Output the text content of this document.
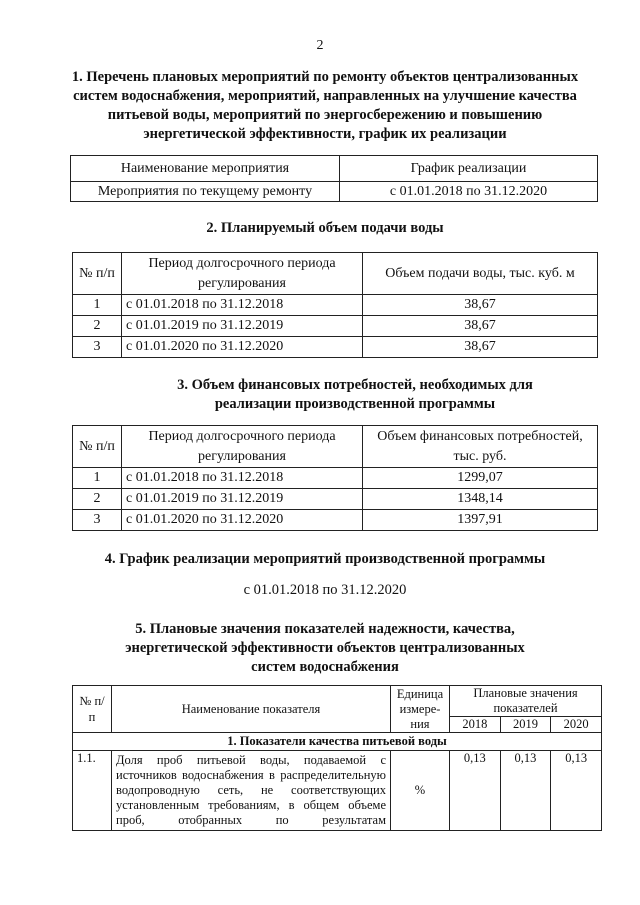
2
1. Перечень плановых мероприятий по ремонту объектов централизованных систем водоснабжения, мероприятий, направленных на улучшение качества питьевой воды, мероприятий по энергосбережению и повышению энергетической эффективности, график их реализации
Наименование мероприятия	График реализации
Мероприятия по текущему ремонту	с 01.01.2018 по 31.12.2020
2. Планируемый объем подачи воды
№ п/п	Период долгосрочного периода регулирования	Объем подачи воды, тыс. куб. м
1	с 01.01.2018 по 31.12.2018	38,67
2	с 01.01.2019 по 31.12.2019	38,67
3	с 01.01.2020 по 31.12.2020	38,67
3. Объем финансовых потребностей, необходимых для реализации производственной программы
№ п/п	Период долгосрочного периода регулирования	Объем финансовых потребностей, тыс. руб.
1	с 01.01.2018 по 31.12.2018	1299,07
2	с 01.01.2019 по 31.12.2019	1348,14
3	с 01.01.2020 по 31.12.2020	1397,91
4. График реализации мероприятий производственной программы
с 01.01.2018 по 31.12.2020
5. Плановые значения показателей надежности, качества, энергетической эффективности объектов централизованных систем водоснабжения
№ п/п	Наименование показателя	Единица измере- ния	Плановые значения показателей		
			2018	2019	2020
1. Показатели качества питьевой воды					
1.1.	Доля проб питьевой воды, подаваемой с источников водоснабжения в распределительную водопроводную сеть, не соответствующих установленным требованиям, в общем объеме проб, отобранных по результатам	%	0,13	0,13	0,13
